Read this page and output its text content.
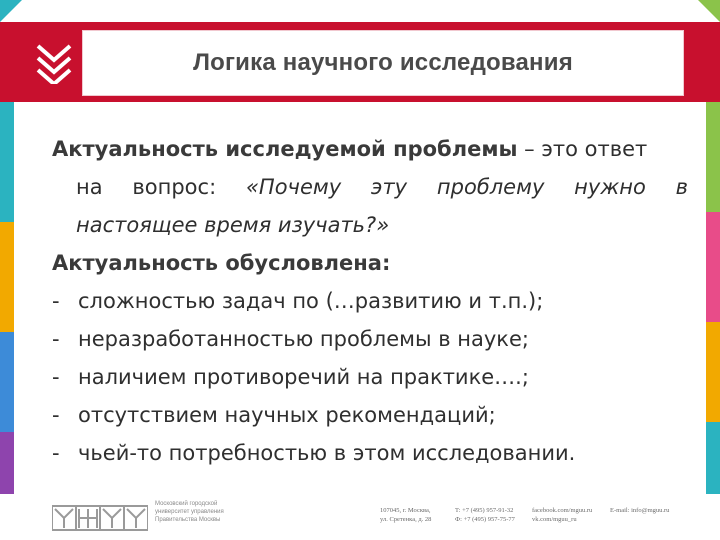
Логика научного исследования
Актуальность исследуемой проблемы – это ответ
на вопрос: «Почему эту проблему нужно в
настоящее время изучать?»
Актуальность обусловлена:
- сложностью задач по (…развитию и т.п.);
- неразработанностью проблемы в науке;
- наличием противоречий на практике….;
- отсутствием научных рекомендаций;
- чьей-то потребностью в этом исследовании.
Московский городской
университет управления
Правительства Москвы
107045, г. Москва,
ул. Сретенка, д. 28
T: +7 (495) 957-91-32
Ф: +7 (495) 957-75-77
facebook.com/mguu.ru
vk.com/mguu_ru
E-mail: info@mguu.ru
